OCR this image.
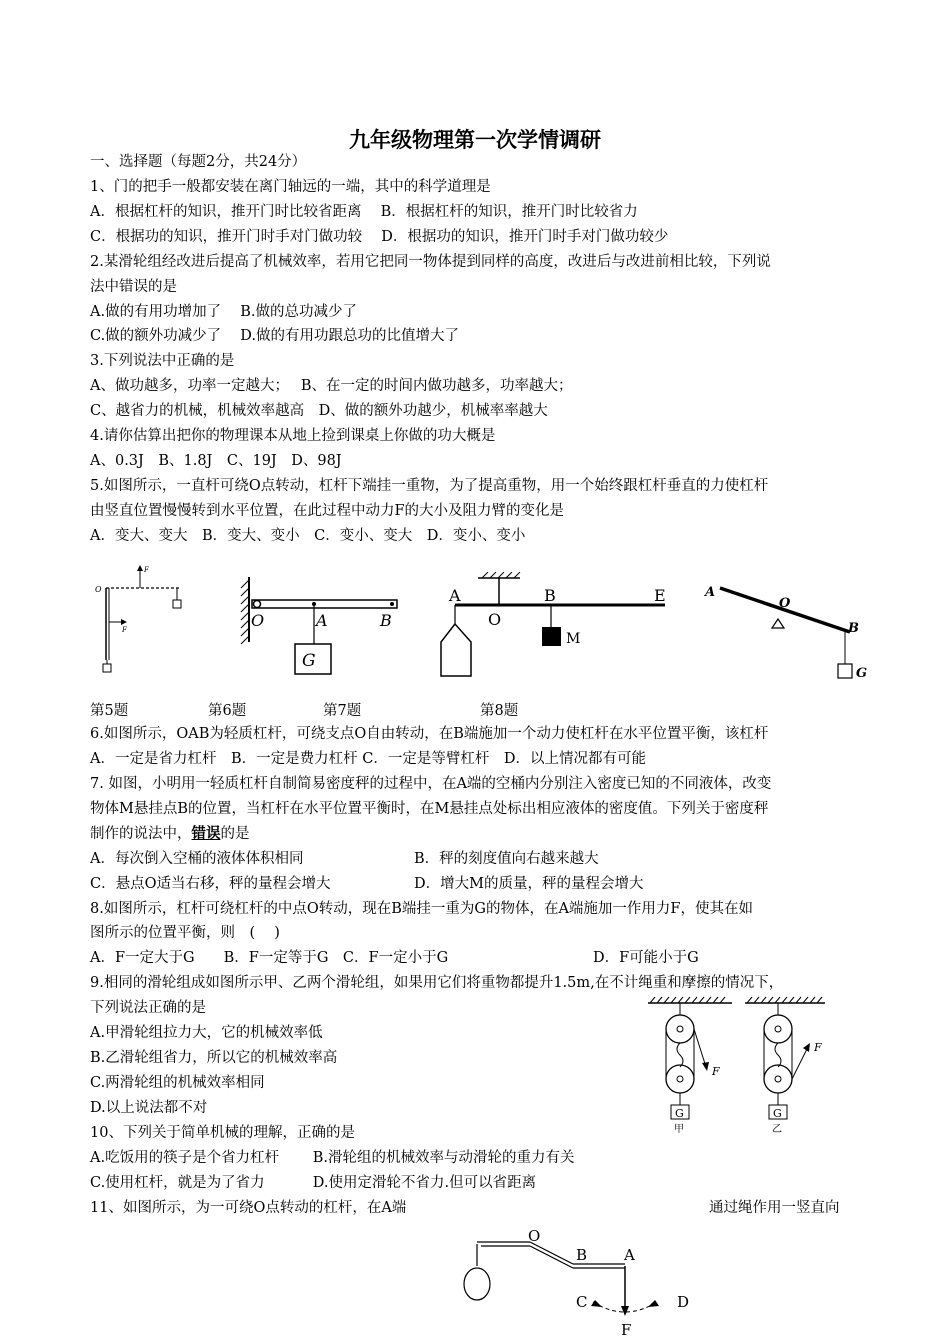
九年级物理第一次学情调研
一、选择题（每题2分，共24分）
1、门的把手一般都安装在离门轴远的一端，其中的科学道理是
A．根据杠杆的知识，推开门时比较省距离　 B．根据杠杆的知识，推开门时比较省力
C．根据功的知识，推开门时手对门做功较　 D．根据功的知识，推开门时手对门做功较少
2.某滑轮组经改进后提高了机械效率，若用它把同一物体提到同样的高度，改进后与改进前相比较，下列说
法中错误的是
A.做的有用功增加了　 B.做的总功减少了
C.做的额外功减少了　 D.做的有用功跟总功的比值增大了
3.下列说法中正确的是
A、做功越多，功率一定越大；　 B、在一定的时间内做功越多，功率越大；
C、越省力的机械，机械效率越高　D、做的额外功越少，机械率率越大
4.请你估算出把你的物理课本从地上捡到课桌上你做的功大概是
A、0.3J　B、1.8J　C、19J　D、98J
5.如图所示，一直杆可绕O点转动，杠杆下端挂一重物，为了提高重物，用一个始终跟杠杆垂直的力使杠杆
由竖直位置慢慢转到水平位置，在此过程中动力F的大小及阻力臂的变化是
A．变大、变大　B．变大、变小　C．变小、变大　D．变小、变小
O
F
F
G
O	A	B
A
O
B	E
M
A
O
B
G
第5题	第6题	第7题	第8题
6.如图所示，OAB为轻质杠杆，可绕支点O自由转动，在B端施加一个动力使杠杆在水平位置平衡，该杠杆
A．一定是省力杠杆　B．一定是费力杠杆 C．一定是等臂杠杆　D．以上情况都有可能
7. 如图，小明用一轻质杠杆自制简易密度秤的过程中，在A端的空桶内分别注入密度已知的不同液体，改变
物体M悬挂点B的位置，当杠杆在水平位置平衡时，在M悬挂点处标出相应液体的密度值。下列关于密度秤
制作的说法中，错误的是
A．每次倒入空桶的液体体积相同	B．秤的刻度值向右越来越大
C．悬点O适当右移，秤的量程会增大	D．增大M的质量，秤的量程会增大
8.如图所示，杠杆可绕杠杆的中点O转动，现在B端挂一重为G的物体，在A端施加一作用力F，使其在如
图所示的位置平衡，则　(　 )
A．F一定大于G　　B．F一定等于G　C．F一定小于G	D．F可能小于G
9.相同的滑轮组成如图所示甲、乙两个滑轮组，如果用它们将重物都提升1.5m,在不计绳重和摩擦的情况下，
下列说法正确的是
A.甲滑轮组拉力大，它的机械效率低
B.乙滑轮组省力，所以它的机械效率高
C.两滑轮组的机械效率相同
D.以上说法都不对	G
F
甲
G
F
乙
10、下列关于简单机械的理解，正确的是
A.吃饭用的筷子是个省力杠杆　　 B.滑轮组的机械效率与动滑轮的重力有关
C.使用杠杆，就是为了省力　　　 D.使用定滑轮不省力.但可以省距离
11、如图所示，为一可绕O点转动的杠杆，在A端	通过绳作用一竖直向
O
B A
C	D
F
